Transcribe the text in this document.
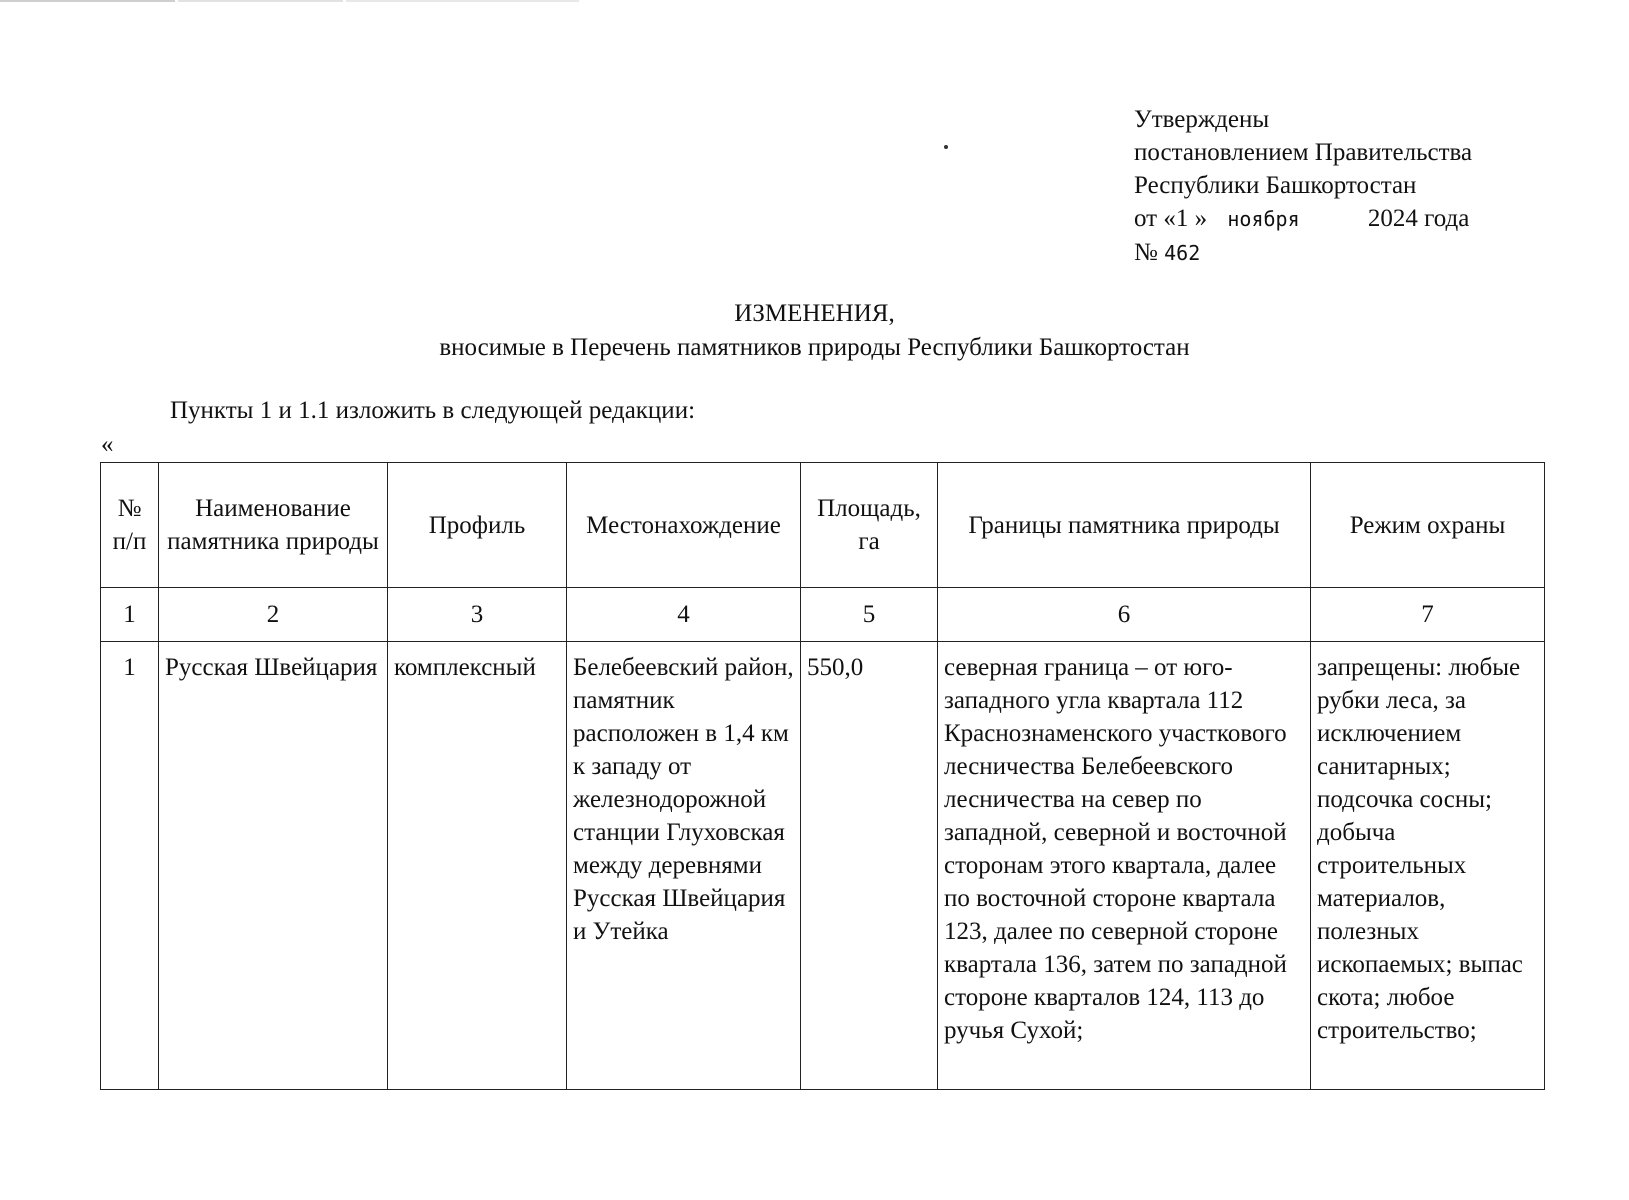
Утверждены
постановлением Правительства
Республики Башкортостан
от «1 » ноября	2024 года
№ 462
ИЗМЕНЕНИЯ,
вносимые в Перечень памятников природы Республики Башкортостан
Пункты 1 и 1.1 изложить в следующей редакции:
«
№ п/п	Наименование памятника природы	Профиль	Местонахождение	Площадь, га	Границы памятника природы	Режим охраны
1	2	3	4	5	6	7
1	Русская Швейцария	комплексный	Белебеевский район, памятник расположен в 1,4 км к западу от железнодорожной станции Глуховская между деревнями Русская Швейцария и Утейка	550,0	северная граница – от юго-западного угла квартала 112 Краснознаменского участкового лесничества Белебеевского лесничества на север по западной, северной и восточной сторонам этого квартала, далее по восточной стороне квартала 123, далее по северной стороне квартала 136, затем по западной стороне кварталов 124, 113 до ручья Сухой;	запрещены: любые рубки леса, за исключением санитарных; подсочка сосны; добыча строительных материалов, полезных ископаемых; выпас скота; любое строительство;
